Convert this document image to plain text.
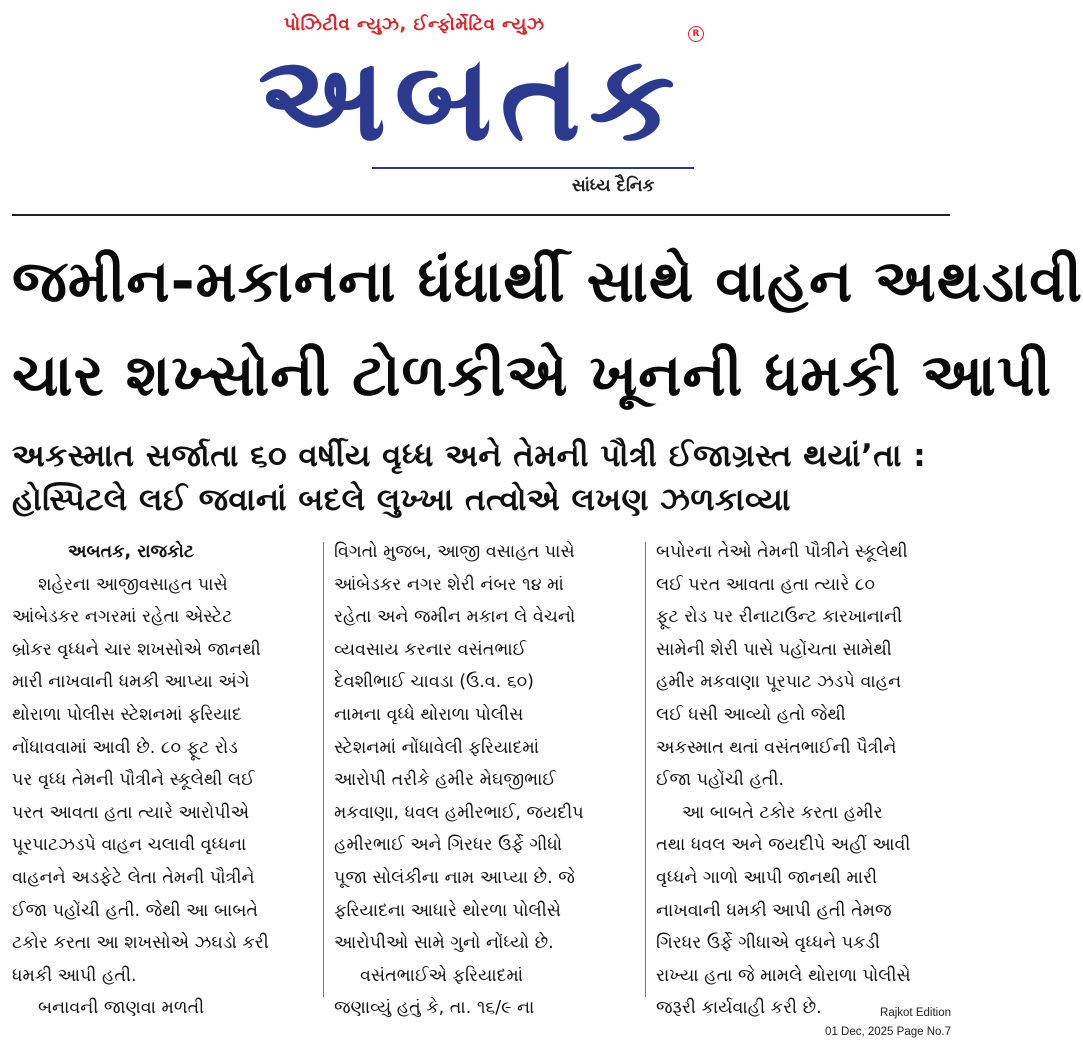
પોઝિટીવ ન્યુઝ, ઈન્ફોર્મેટિવ ન્યુઝ	R
અબતક
સાંધ્ય દૈનિક
જમીન-મકાનના ધંધાર્થી સાથે વાહન અથડાવી
ચાર શખ્સોની ટોળકીએ ખૂનની ધમકી આપી
અકસ્માત સર્જાતા ૬૦ વર્ષીય વૃધ્ધ અને તેમની પૌત્રી ઈજાગ્રસ્ત થયાં’તા :
હોસ્પિટલે લઈ જવાનાં બદલે લુખ્ખા તત્વોએ લખણ ઝળકાવ્યા
અબતક, રાજકોટ
શહેરના આજીવસાહત પાસે
આંબેડકર નગરમાં રહેતા એસ્ટેટ
બ્રોકર વૃધ્ધને ચાર શખસોએ જાનથી
મારી નાખવાની ધમકી આપ્યા અંગે
થોરાળા પોલીસ સ્ટેશનમાં ફરિયાદ
નોંધાવવામાં આવી છે. ૮૦ ફૂટ રોડ
પર વૃધ્ધ તેમની પૌત્રીને સ્કૂલેથી લઈ
પરત આવતા હતા ત્યારે આરોપીએ
પૂરપાટઝડપે વાહન ચલાવી વૃધ્ધના
વાહનને અડફેટે લેતા તેમની પૌત્રીને
ઈજા પહોંચી હતી. જેથી આ બાબતે
ટકોર કરતા આ શખસોએ ઝઘડો કરી
ધમકી આપી હતી.
બનાવની જાણવા મળતી
વિગતો મુજબ, આજી વસાહત પાસે
આંબેડકર નગર શેરી નંબર ૧૪ માં
રહેતા અને જમીન મકાન લે વેચનો
વ્યવસાય કરનાર વસંતભાઈ
દેવશીભાઈ ચાવડા (ઉ.વ. ૬૦)
નામના વૃધ્ધે થોરાળા પોલીસ
સ્ટેશનમાં નોંધાવેલી ફરિયાદમાં
આરોપી તરીકે હમીર મેઘજીભાઈ
મકવાણા, ધવલ હમીરભાઈ, જયદીપ
હમીરભાઈ અને ગિરધર ઉર્ફે ગીધો
પૂજા સોલંકીના નામ આપ્યા છે. જે
ફરિયાદના આધારે થોરળા પોલીસે
આરોપીઓ સામે ગુનો નોંધ્યો છે.
વસંતભાઈએ ફરિયાદમાં
જણાવ્યું હતું કે, તા. ૧૬/૯ ના
બપોરના તેઓ તેમની પૌત્રીને સ્કૂલેથી
લઈ પરત આવતા હતા ત્યારે ૮૦
ફૂટ રોડ પર રીનાટાઉન્ટ કારખાનાની
સામેની શેરી પાસે પહોંચતા સામેથી
હમીર મકવાણા પૂરપાટ ઝડપે વાહન
લઈ ધસી આવ્યો હતો જેથી
અકસ્માત થતાં વસંતભાઈની પૈત્રીને
ઈજા પહોંચી હતી.
આ બાબતે ટકોર કરતા હમીર
તથા ધવલ અને જયદીપે અહીં આવી
વૃધ્ધને ગાળો આપી જાનથી મારી
નાખવાની ધમકી આપી હતી તેમજ
ગિરધર ઉર્ફે ગીધાએ વૃધ્ધને પકડી
રાખ્યા હતા જે મામલે થોરાળા પોલીસે
જરૂરી કાર્યવાહી કરી છે.	Rajkot Edition
01 Dec, 2025 Page No.7
